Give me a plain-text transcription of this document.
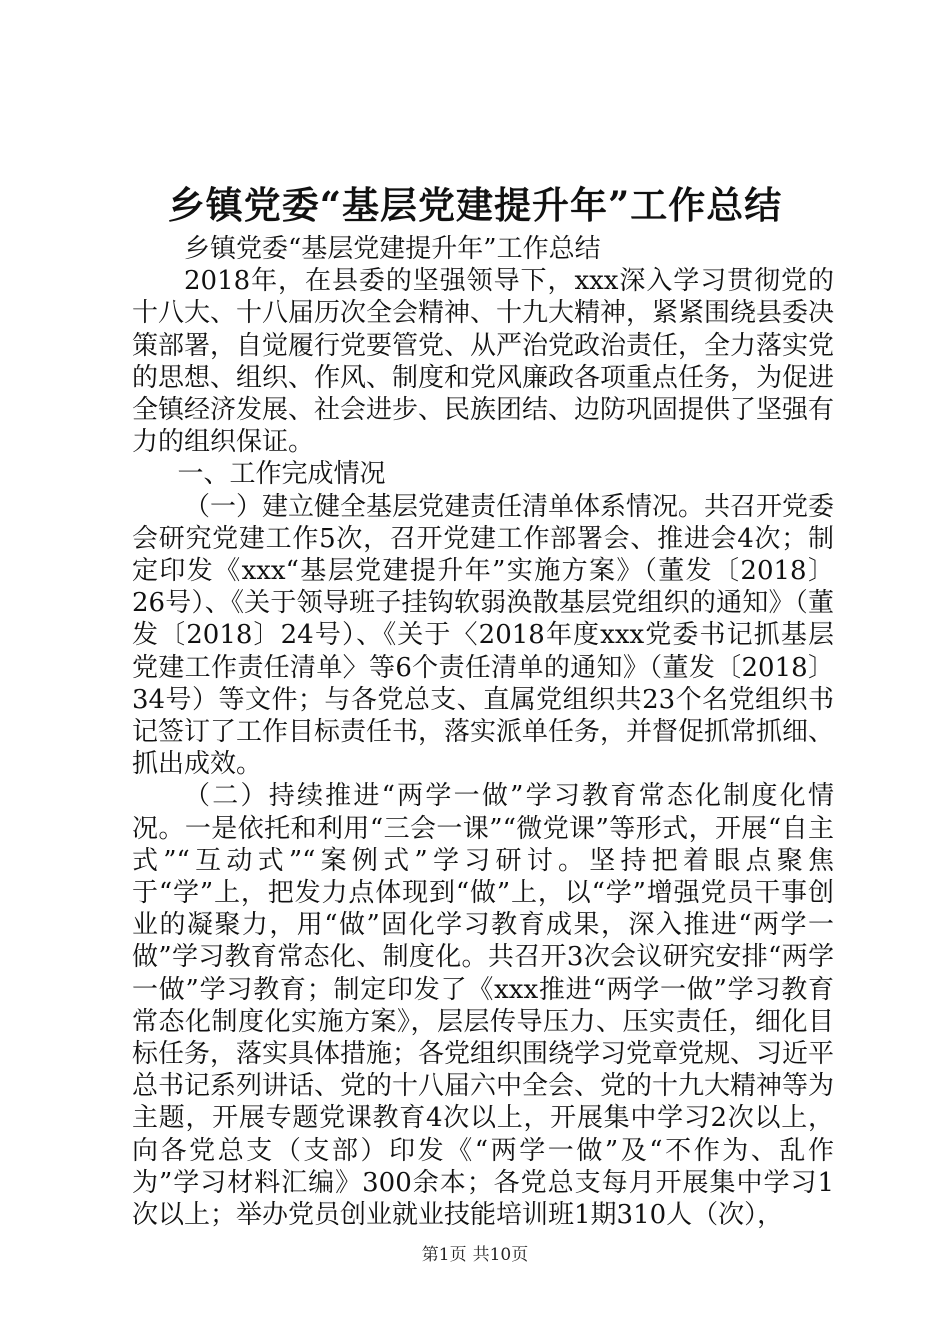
乡镇党委“基层党建提升年”工作总结

乡镇党委“基层党建提升年”工作总结

2018年，在县委的坚强领导下，xxx深入学习贯彻党的十八大、十八届历次全会精神、十九大精神，紧紧围绕县委决策部署，自觉履行党要管党、从严治党政治责任，全力落实党的思想、组织、作风、制度和党风廉政各项重点任务，为促进全镇经济发展、社会进步、民族团结、边防巩固提供了坚强有力的组织保证。

一、工作完成情况

（一）建立健全基层党建责任清单体系情况。共召开党委会研究党建工作5次，召开党建工作部署会、推进会4次；制定印发《xxx“基层党建提升年”实施方案》（董发〔2018〕26号）、《关于领导班子挂钩软弱涣散基层党组织的通知》（董发〔2018〕24号）、《关于〈2018年度xxx党委书记抓基层党建工作责任清单〉等6个责任清单的通知》（董发〔2018〕34号）等文件；与各党总支、直属党组织共23个名党组织书记签订了工作目标责任书，落实派单任务，并督促抓常抓细、抓出成效。

（二）持续推进“两学一做”学习教育常态化制度化情况。一是依托和利用“三会一课”“微党课”等形式，开展“自主式”“互动式”“案例式”学习研讨。坚持把着眼点聚焦于“学”上，把发力点体现到“做”上，以“学”增强党员干事创业的凝聚力，用“做”固化学习教育成果，深入推进“两学一做”学习教育常态化、制度化。共召开3次会议研究安排“两学一做”学习教育；制定印发了《xxx推进“两学一做”学习教育常态化制度化实施方案》，层层传导压力、压实责任，细化目标任务，落实具体措施；各党组织围绕学习党章党规、习近平总书记系列讲话、党的十八届六中全会、党的十九大精神等为主题，开展专题党课教育4次以上，开展集中学习2次以上，向各党总支（支部）印发《“两学一做”及“不作为、乱作为”学习材料汇编》300余本；各党总支每月开展集中学习1次以上；举办党员创业就业技能培训班1期310人（次），

第1页 共10页
